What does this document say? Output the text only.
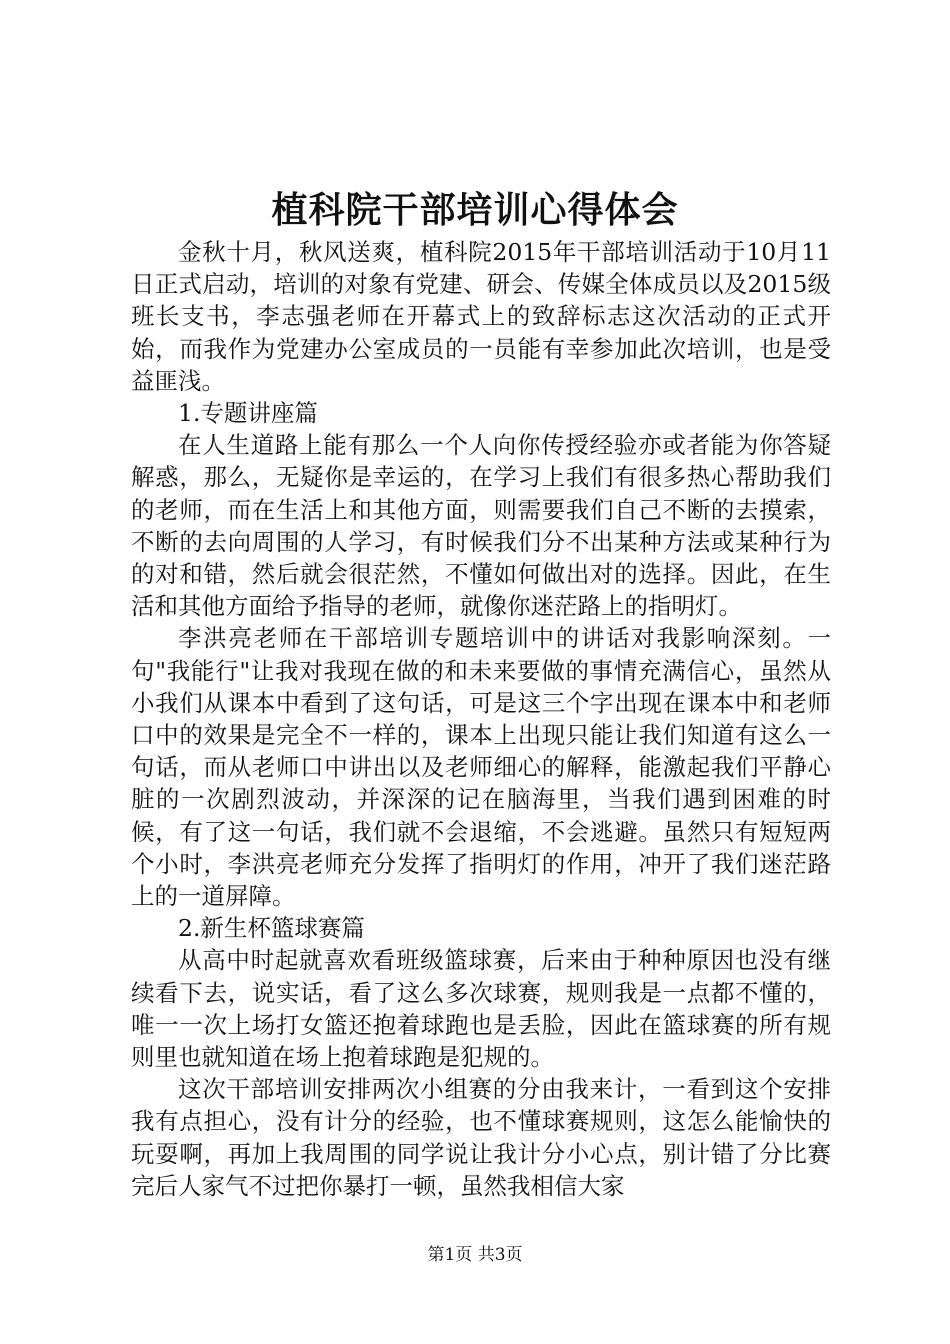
植科院干部培训心得体会

金秋十月，秋风送爽，植科院2015年干部培训活动于10月11日正式启动，培训的对象有党建、研会、传媒全体成员以及2015级班长支书，李志强老师在开幕式上的致辞标志这次活动的正式开始，而我作为党建办公室成员的一员能有幸参加此次培训，也是受益匪浅。

1.专题讲座篇

在人生道路上能有那么一个人向你传授经验亦或者能为你答疑解惑，那么，无疑你是幸运的，在学习上我们有很多热心帮助我们的老师，而在生活上和其他方面，则需要我们自己不断的去摸索，不断的去向周围的人学习，有时候我们分不出某种方法或某种行为的对和错，然后就会很茫然，不懂如何做出对的选择。因此，在生活和其他方面给予指导的老师，就像你迷茫路上的指明灯。

李洪亮老师在干部培训专题培训中的讲话对我影响深刻。一句"我能行"让我对我现在做的和未来要做的事情充满信心，虽然从小我们从课本中看到了这句话，可是这三个字出现在课本中和老师口中的效果是完全不一样的，课本上出现只能让我们知道有这么一句话，而从老师口中讲出以及老师细心的解释，能激起我们平静心脏的一次剧烈波动，并深深的记在脑海里，当我们遇到困难的时候，有了这一句话，我们就不会退缩，不会逃避。虽然只有短短两个小时，李洪亮老师充分发挥了指明灯的作用，冲开了我们迷茫路上的一道屏障。

2.新生杯篮球赛篇

从高中时起就喜欢看班级篮球赛，后来由于种种原因也没有继续看下去，说实话，看了这么多次球赛，规则我是一点都不懂的，唯一一次上场打女篮还抱着球跑也是丢脸，因此在篮球赛的所有规则里也就知道在场上抱着球跑是犯规的。

这次干部培训安排两次小组赛的分由我来计，一看到这个安排我有点担心，没有计分的经验，也不懂球赛规则，这怎么能愉快的玩耍啊，再加上我周围的同学说让我计分小心点，别计错了分比赛完后人家气不过把你暴打一顿，虽然我相信大家

第1页 共3页
